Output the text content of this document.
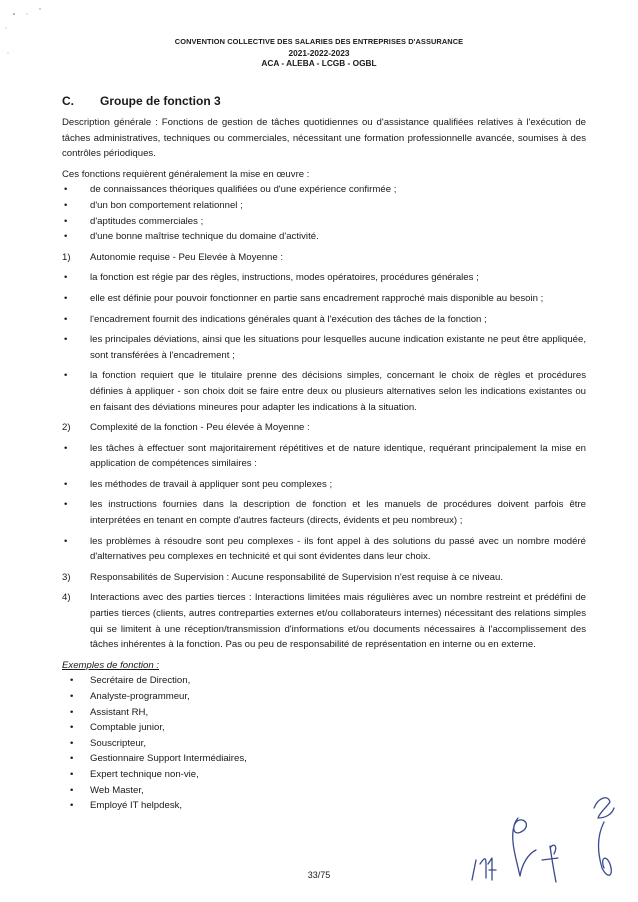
CONVENTION COLLECTIVE DES SALARIES DES ENTREPRISES D'ASSURANCE
2021-2022-2023
ACA - ALEBA - LCGB - OGBL
C. Groupe de fonction 3

Description générale : Fonctions de gestion de tâches quotidiennes ou d'assistance qualifiées relatives à l'exécution de tâches administratives, techniques ou commerciales, nécessitant une formation professionnelle avancée, soumises à des contrôles périodiques.

Ces fonctions requièrent généralement la mise en œuvre :

• de connaissances théoriques qualifiées ou d'une expérience confirmée ;
• d'un bon comportement relationnel ;
• d'aptitudes commerciales ;
• d'une bonne maîtrise technique du domaine d'activité.
1) Autonomie requise - Peu Elevée à Moyenne :
• la fonction est régie par des règles, instructions, modes opératoires, procédures générales ;
• elle est définie pour pouvoir fonctionner en partie sans encadrement rapproché mais disponible au besoin ;
• l'encadrement fournit des indications générales quant à l'exécution des tâches de la fonction ;
• les principales déviations, ainsi que les situations pour lesquelles aucune indication existante ne peut être appliquée, sont transférées à l'encadrement ;
• la fonction requiert que le titulaire prenne des décisions simples, concernant le choix de règles et procédures définies à appliquer - son choix doit se faire entre deux ou plusieurs alternatives selon les indications existantes ou en faisant des déviations mineures pour adapter les indications à la situation.
2) Complexité de la fonction - Peu élevée à Moyenne :
• les tâches à effectuer sont majoritairement répétitives et de nature identique, requérant principalement la mise en application de compétences similaires :
• les méthodes de travail à appliquer sont peu complexes ;
• les instructions fournies dans la description de fonction et les manuels de procédures doivent parfois être interprétées en tenant en compte d'autres facteurs (directs, évidents et peu nombreux) ;
• les problèmes à résoudre sont peu complexes - ils font appel à des solutions du passé avec un nombre modéré d'alternatives peu complexes en technicité et qui sont évidentes dans leur choix.
3) Responsabilités de Supervision : Aucune responsabilité de Supervision n'est requise à ce niveau.
4) Interactions avec des parties tierces : Interactions limitées mais régulières avec un nombre restreint et prédéfini de parties tierces (clients, autres contreparties externes et/ou collaborateurs internes) nécessitant des relations simples qui se limitent à une réception/transmission d'informations et/ou documents nécessaires à l'accomplissement des tâches inhérentes à la fonction. Pas ou peu de responsabilité de représentation en interne ou en externe.
Exemples de fonction :
• Secrétaire de Direction,
• Analyste-programmeur,
• Assistant RH,
• Comptable junior,
• Souscripteur,
• Gestionnaire Support Intermédiaires,
• Expert technique non-vie,
• Web Master,
• Employé IT helpdesk,
33/75
